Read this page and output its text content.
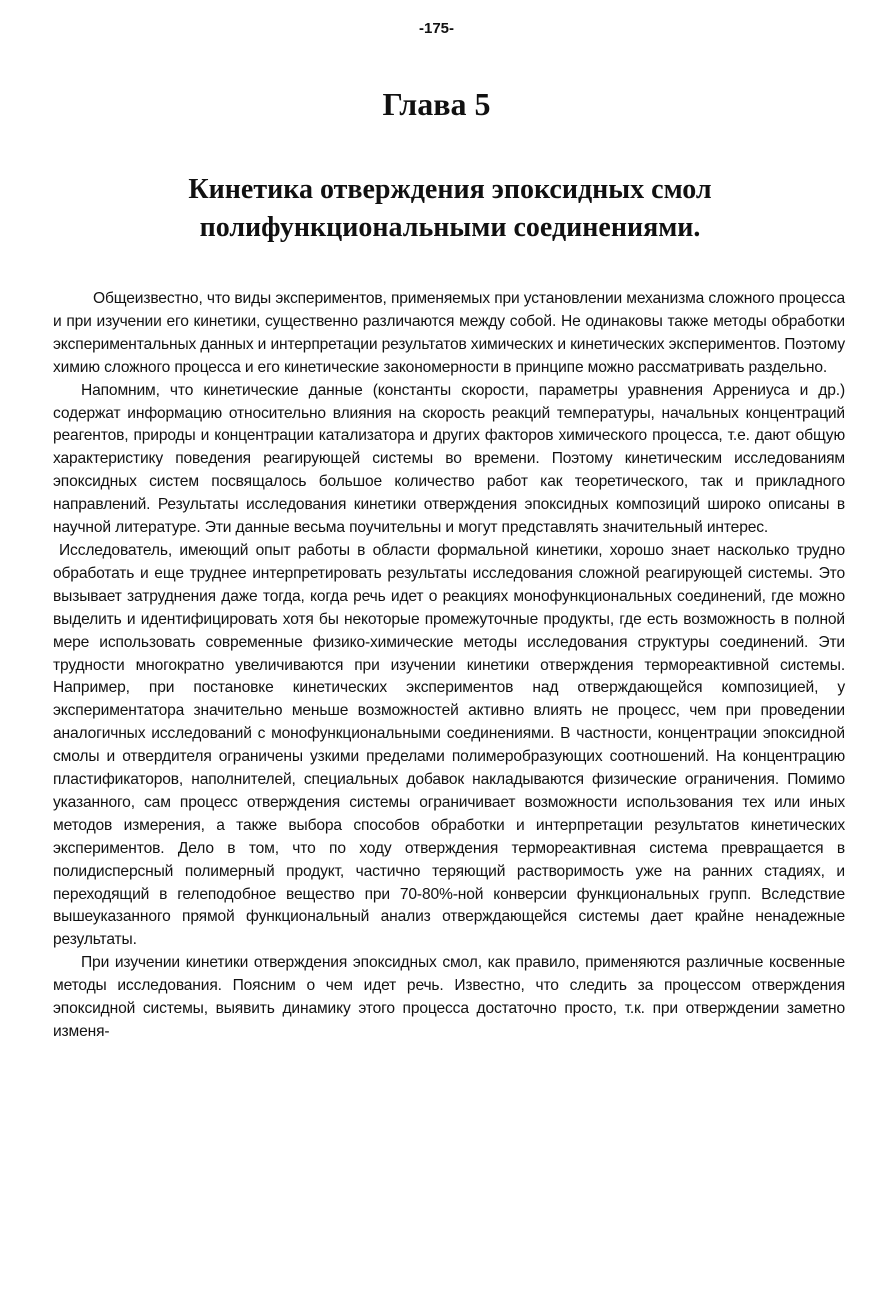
-175-
Глава 5
Кинетика отверждения эпоксидных смол
полифункциональными соединениями.

Общеизвестно, что виды экспериментов, применяемых при установлении механизма сложного процесса и при изучении его кинетики, существенно различаются между собой. Не одинаковы также методы обработки экспериментальных данных и интерпретации результатов химических и кинетических экспериментов. Поэтому химию сложного процесса и его кинетические закономерности в принципе можно рассматривать раздельно.

Напомним, что кинетические данные (константы скорости, параметры уравнения Аррениуса и др.) содержат информацию относительно влияния на скорость реакций температуры, начальных концентраций реагентов, природы и концентрации катализатора и других факторов химического процесса, т.е. дают общую характеристику поведения реагирующей системы во времени. Поэтому кинетическим исследованиям эпоксидных систем посвящалось большое количество работ как теоретического, так и прикладного направлений. Результаты исследования кинетики отверждения эпоксидных композиций широко описаны в научной литературе. Эти данные весьма поучительны и могут представлять значительный интерес.

Исследователь, имеющий опыт работы в области формальной кинетики, хорошо знает насколько трудно обработать и еще труднее интерпретировать результаты исследования сложной реагирующей системы. Это вызывает затруднения даже тогда, когда речь идет о реакциях монофункциональных соединений, где можно выделить и идентифицировать хотя бы некоторые промежуточные продукты, где есть возможность в полной мере использовать современные физико-химические методы исследования структуры соединений. Эти трудности многократно увеличиваются при изучении кинетики отверждения термореактивной системы. Например, при постановке кинетических экспериментов над отверждающейся композицией, у экспериментатора значительно меньше возможностей активно влиять не процесс, чем при проведении аналогичных исследований с монофункциональными соединениями. В частности, концентрации эпоксидной смолы и отвердителя ограничены узкими пределами полимеробразующих соотношений. На концентрацию пластификаторов, наполнителей, специальных добавок накладываются физические ограничения. Помимо указанного, сам процесс отверждения системы ограничивает возможности использования тех или иных методов измерения, а также выбора способов обработки и интерпретации результатов кинетических экспериментов. Дело в том, что по ходу отверждения термореактивная система превращается в полидисперсный полимерный продукт, частично теряющий растворимость уже на ранних стадиях, и переходящий в гелеподобное вещество при 70-80%-ной конверсии функциональных групп. Вследствие вышеуказанного прямой функциональный анализ отверждающейся системы дает крайне ненадежные результаты.

При изучении кинетики отверждения эпоксидных смол, как правило, применяются различные косвенные методы исследования. Поясним о чем идет речь. Известно, что следить за процессом отверждения эпоксидной системы, выявить динамику этого процесса достаточно просто, т.к. при отверждении заметно изменя-
